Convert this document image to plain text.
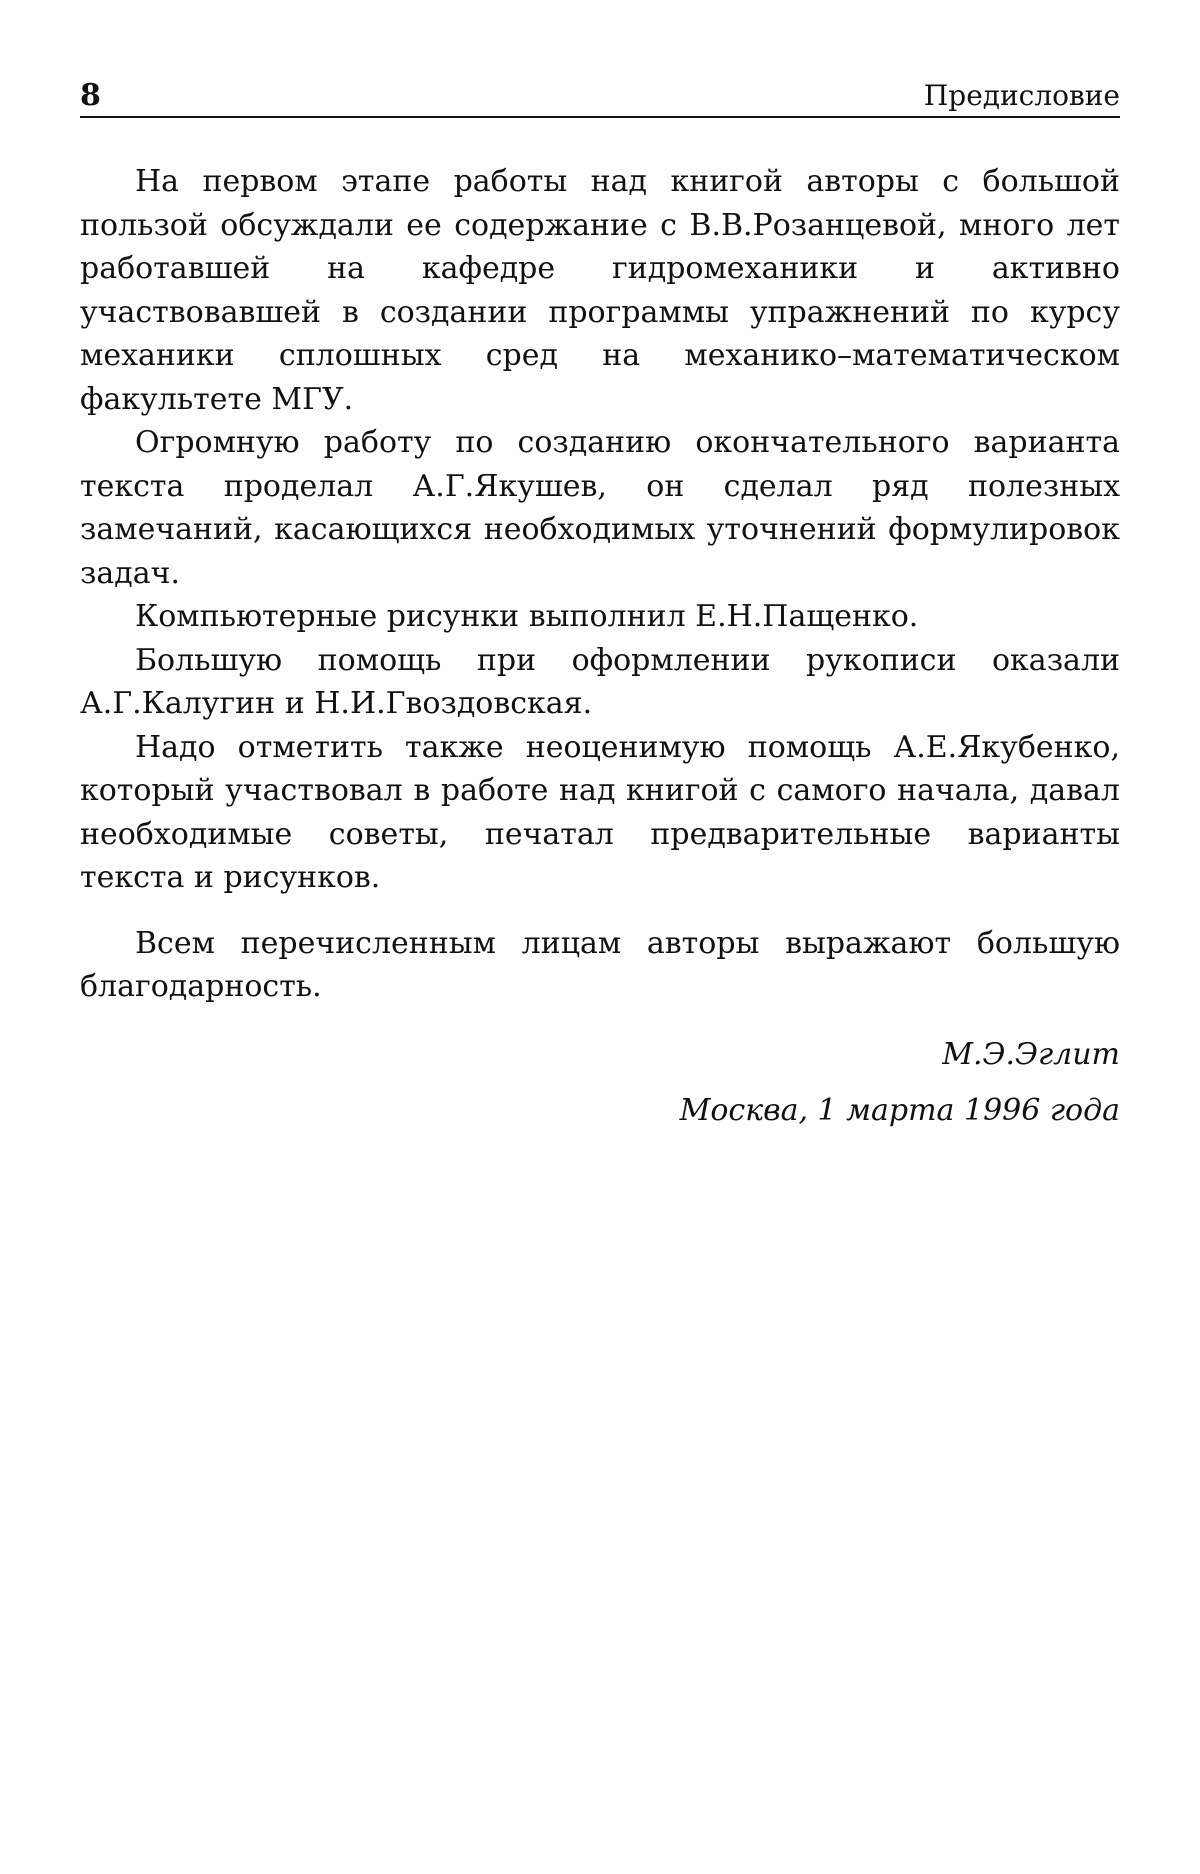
8	Предисловие

На первом этапе работы над книгой авторы с большой пользой обсуждали ее содержание с В.В.Розанцевой, много лет работавшей на кафедре гидромеханики и активно участвовавшей в создании программы упражнений по курсу механики сплошных сред на механико–математическом факультете МГУ.

Огромную работу по созданию окончательного варианта текста проделал А.Г.Якушев, он сделал ряд полезных замечаний, касающихся необходимых уточнений формулировок задач.

Компьютерные рисунки выполнил Е.Н.Пащенко.

Большую помощь при оформлении рукописи оказали А.Г.Калугин и Н.И.Гвоздовская.

Надо отметить также неоценимую помощь А.Е.Якубенко, который участвовал в работе над книгой с самого начала, давал необходимые советы, печатал предварительные варианты текста и рисунков.

Всем перечисленным лицам авторы выражают большую благодарность.

М.Э.Эглит
Москва, 1 марта 1996 года
